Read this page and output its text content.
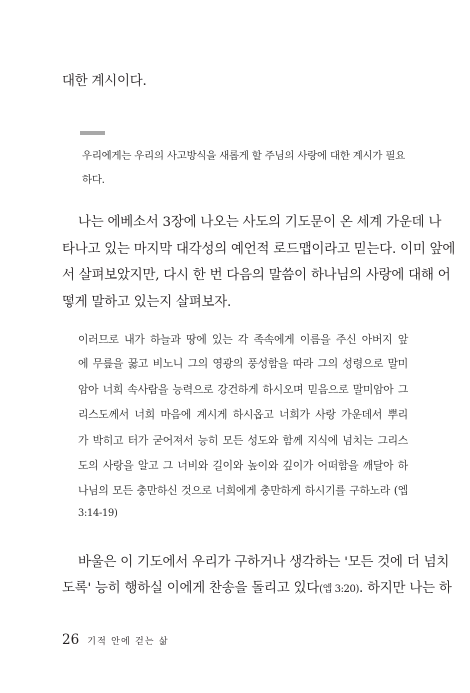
대한 계시이다.
우리에게는 우리의 사고방식을 새롭게 할 주님의 사랑에 대한 계시가 필요
하다.
나는 에베소서 3장에 나오는 사도의 기도문이 온 세계 가운데 나
타나고 있는 마지막 대각성의 예언적 로드맵이라고 믿는다. 이미 앞에
서 살펴보았지만, 다시 한 번 다음의 말씀이 하나님의 사랑에 대해 어
떻게 말하고 있는지 살펴보자.
이러므로 내가 하늘과 땅에 있는 각 족속에게 이름을 주신 아버지 앞
에 무릎을 꿇고 비노니 그의 영광의 풍성함을 따라 그의 성령으로 말미
암아 너희 속사람을 능력으로 강건하게 하시오며 믿음으로 말미암아 그
리스도께서 너희 마음에 계시게 하시옵고 너희가 사랑 가운데서 뿌리
가 박히고 터가 굳어져서 능히 모든 성도와 함께 지식에 넘치는 그리스
도의 사랑을 알고 그 너비와 길이와 높이와 깊이가 어떠함을 깨달아 하
나님의 모든 충만하신 것으로 너희에게 충만하게 하시기를 구하노라 (엡
3:14-19)
바울은 이 기도에서 우리가 구하거나 생각하는 '모든 것에 더 넘치
도록' 능히 행하실 이에게 찬송을 돌리고 있다(엡 3:20). 하지만 나는 하
26 기적 안에 걷는 삶
